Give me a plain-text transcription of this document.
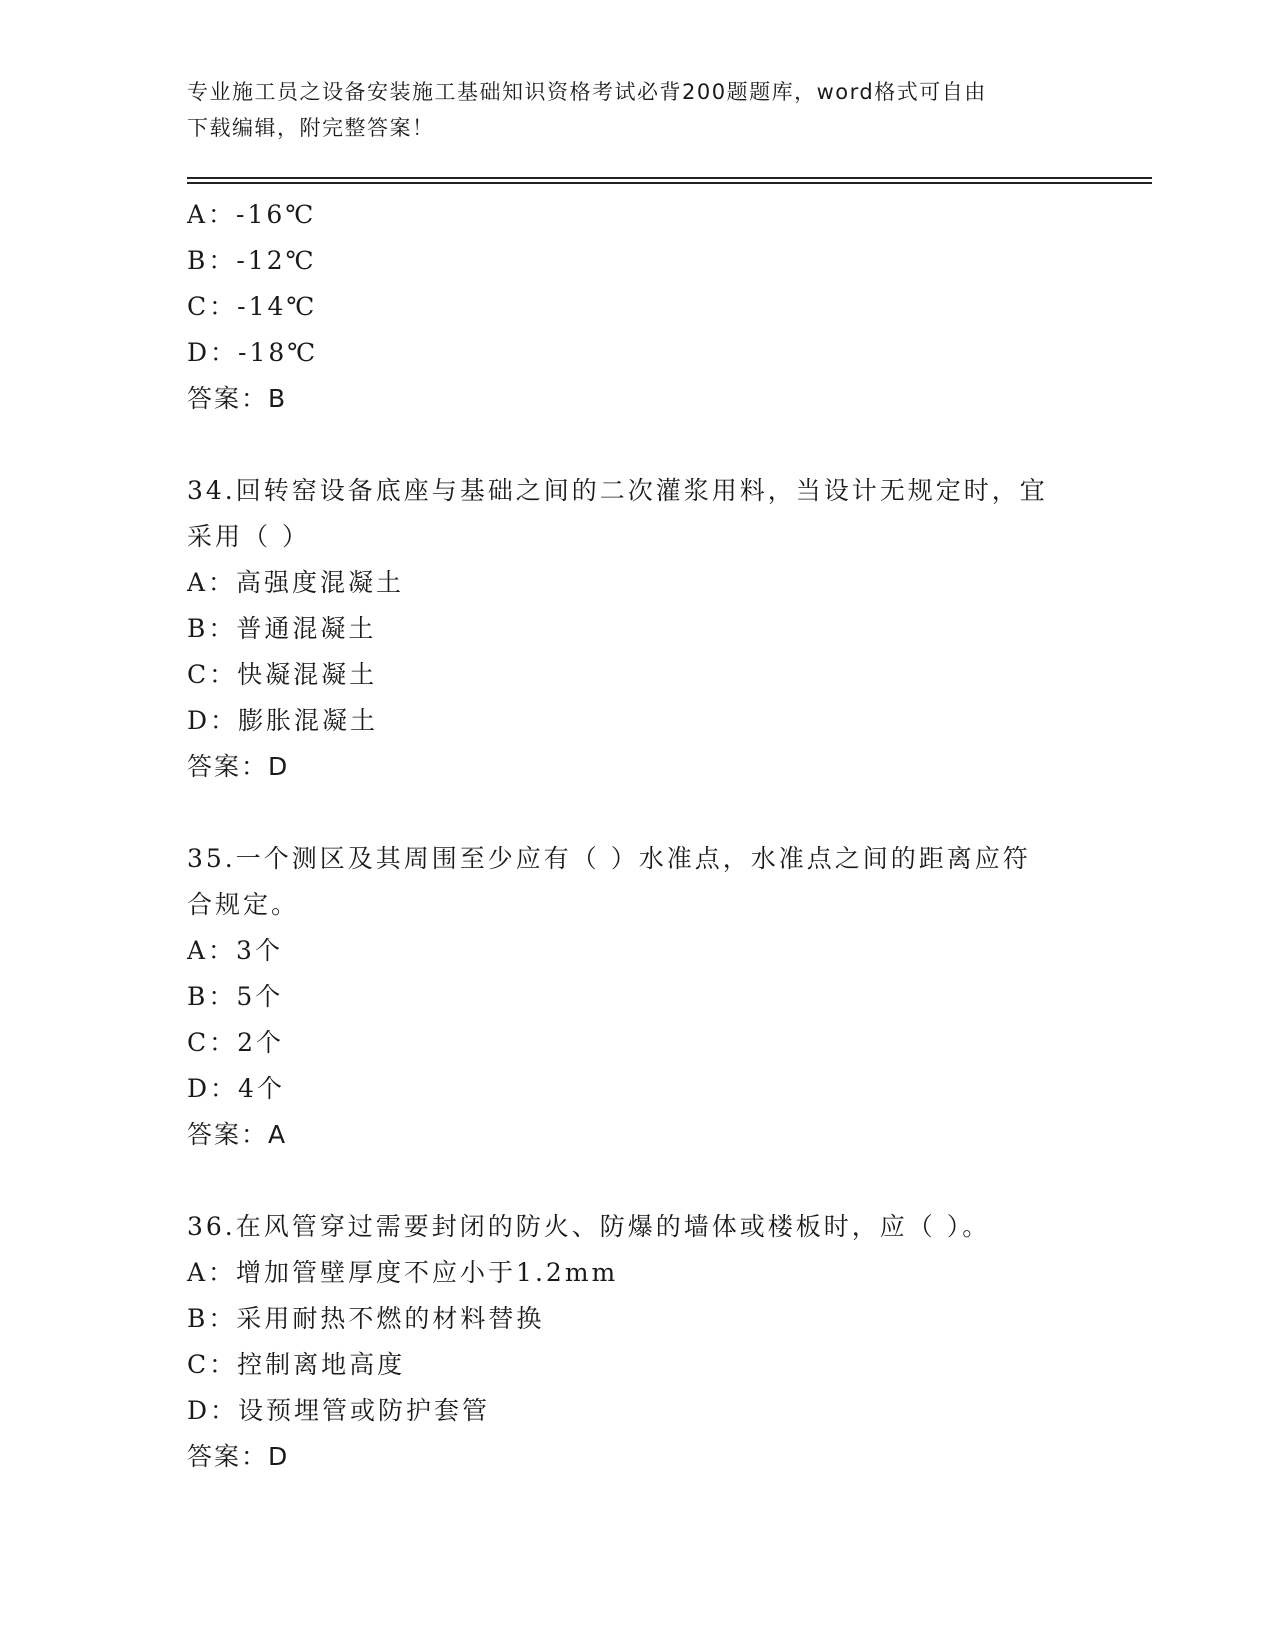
专业施工员之设备安装施工基础知识资格考试必背200题题库，word格式可自由
下载编辑，附完整答案！
A：-16℃
B：-12℃
C：-14℃
D：-18℃
答案：B
34.回转窑设备底座与基础之间的二次灌浆用料，当设计无规定时，宜
采用（ ）
A：高强度混凝土
B：普通混凝土
C：快凝混凝土
D：膨胀混凝土
答案：D
35.一个测区及其周围至少应有（ ）水准点，水准点之间的距离应符
合规定。
A：3个
B：5个
C：2个
D：4个
答案：A
36.在风管穿过需要封闭的防火、防爆的墙体或楼板时，应（ ）。
A：增加管壁厚度不应小于1.2mm
B：采用耐热不燃的材料替换
C：控制离地高度
D：设预埋管或防护套管
答案：D
